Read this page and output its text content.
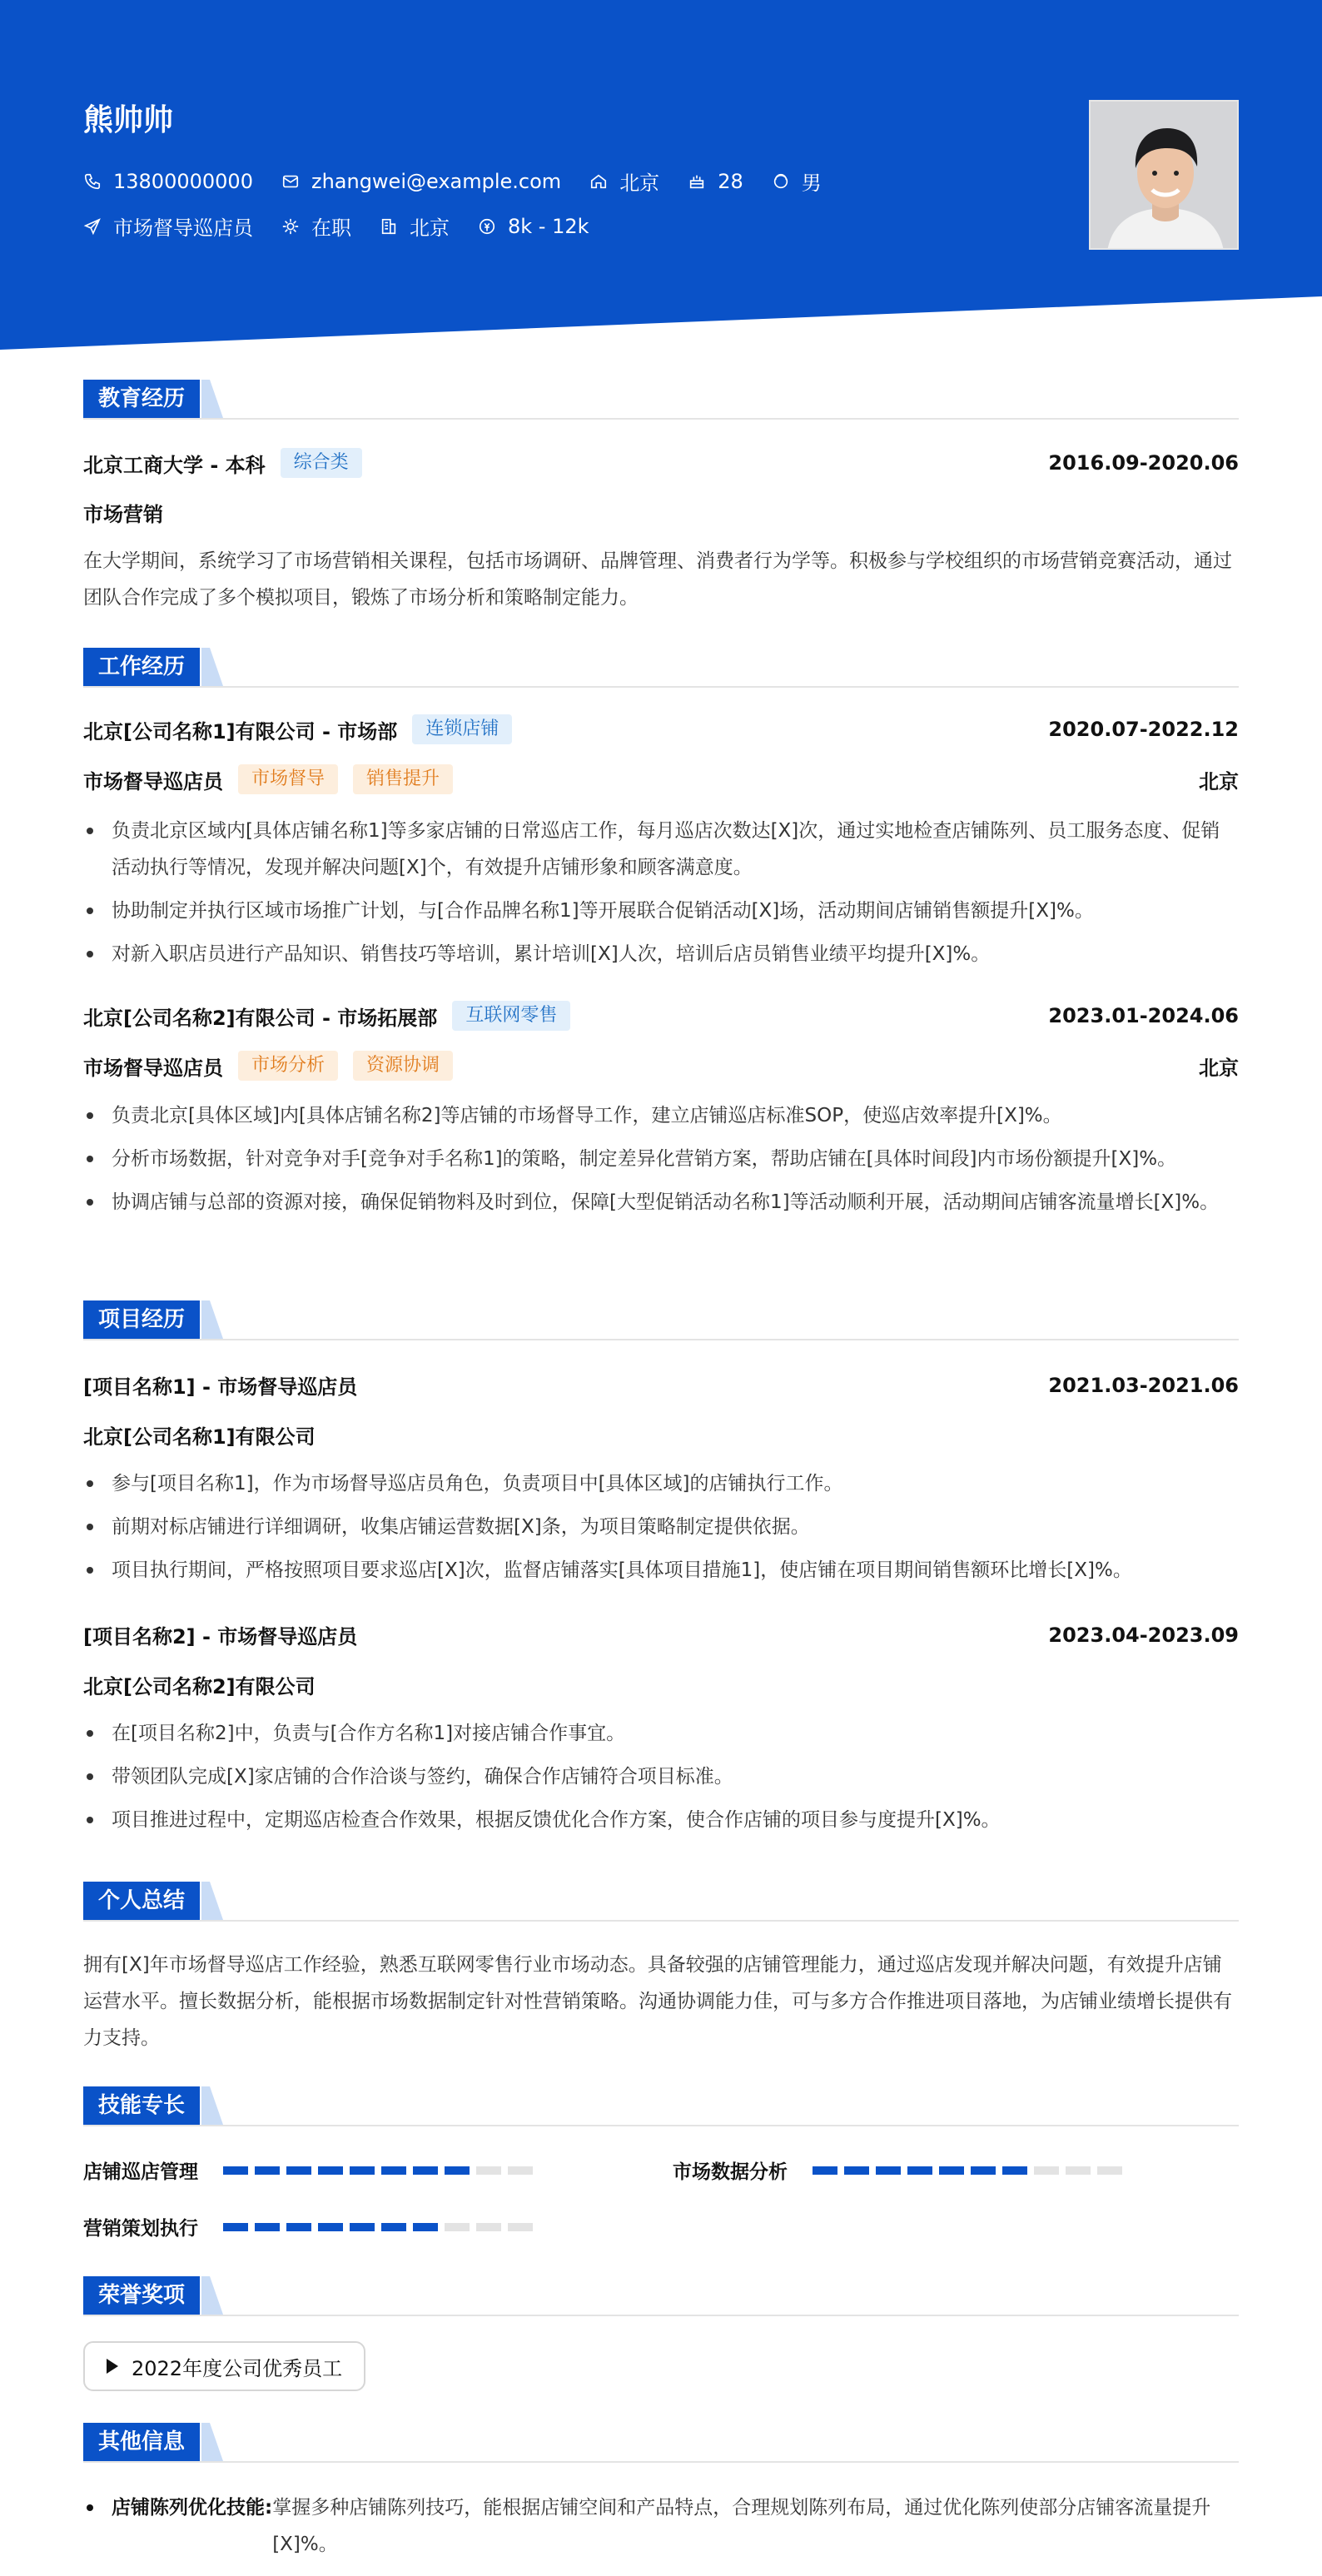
熊帅帅
13800000000	zhangwei@example.com	北京	28	男
市场督导巡店员	在职	北京	8k - 12k
教育经历
北京工商大学 - 本科	综合类	2016.09-2020.06
市场营销
在大学期间，系统学习了市场营销相关课程，包括市场调研、品牌管理、消费者行为学等。积极参与学校组织的市场营销竞赛活动，通过团队合作完成了多个模拟项目，锻炼了市场分析和策略制定能力。
工作经历
北京[公司名称1]有限公司 - 市场部	连锁店铺	2020.07-2022.12
市场督导巡店员	市场督导	销售提升	北京
负责北京区域内[具体店铺名称1]等多家店铺的日常巡店工作，每月巡店次数达[X]次，通过实地检查店铺陈列、员工服务态度、促销活动执行等情况，发现并解决问题[X]个，有效提升店铺形象和顾客满意度。
协助制定并执行区域市场推广计划，与[合作品牌名称1]等开展联合促销活动[X]场，活动期间店铺销售额提升[X]%。
对新入职店员进行产品知识、销售技巧等培训，累计培训[X]人次，培训后店员销售业绩平均提升[X]%。
北京[公司名称2]有限公司 - 市场拓展部	互联网零售	2023.01-2024.06
市场督导巡店员	市场分析	资源协调	北京
负责北京[具体区域]内[具体店铺名称2]等店铺的市场督导工作，建立店铺巡店标准SOP，使巡店效率提升[X]%。
分析市场数据，针对竞争对手[竞争对手名称1]的策略，制定差异化营销方案，帮助店铺在[具体时间段]内市场份额提升[X]%。
协调店铺与总部的资源对接，确保促销物料及时到位，保障[大型促销活动名称1]等活动顺利开展，活动期间店铺客流量增长[X]%。
项目经历
[项目名称1] - 市场督导巡店员	2021.03-2021.06
北京[公司名称1]有限公司
参与[项目名称1]，作为市场督导巡店员角色，负责项目中[具体区域]的店铺执行工作。
前期对标店铺进行详细调研，收集店铺运营数据[X]条，为项目策略制定提供依据。
项目执行期间，严格按照项目要求巡店[X]次，监督店铺落实[具体项目措施1]，使店铺在项目期间销售额环比增长[X]%。
[项目名称2] - 市场督导巡店员	2023.04-2023.09
北京[公司名称2]有限公司
在[项目名称2]中，负责与[合作方名称1]对接店铺合作事宜。
带领团队完成[X]家店铺的合作洽谈与签约，确保合作店铺符合项目标准。
项目推进过程中，定期巡店检查合作效果，根据反馈优化合作方案，使合作店铺的项目参与度提升[X]%。
个人总结
拥有[X]年市场督导巡店工作经验，熟悉互联网零售行业市场动态。具备较强的店铺管理能力，通过巡店发现并解决问题，有效提升店铺运营水平。擅长数据分析，能根据市场数据制定针对性营销策略。沟通协调能力佳，可与多方合作推进项目落地，为店铺业绩增长提供有力支持。
技能专长
店铺巡店管理	市场数据分析
营销策划执行
荣誉奖项
2022年度公司优秀员工
其他信息
店铺陈列优化技能: 掌握多种店铺陈列技巧，能根据店铺空间和产品特点，合理规划陈列布局，通过优化陈列使部分店铺客流量提升[X]%。
